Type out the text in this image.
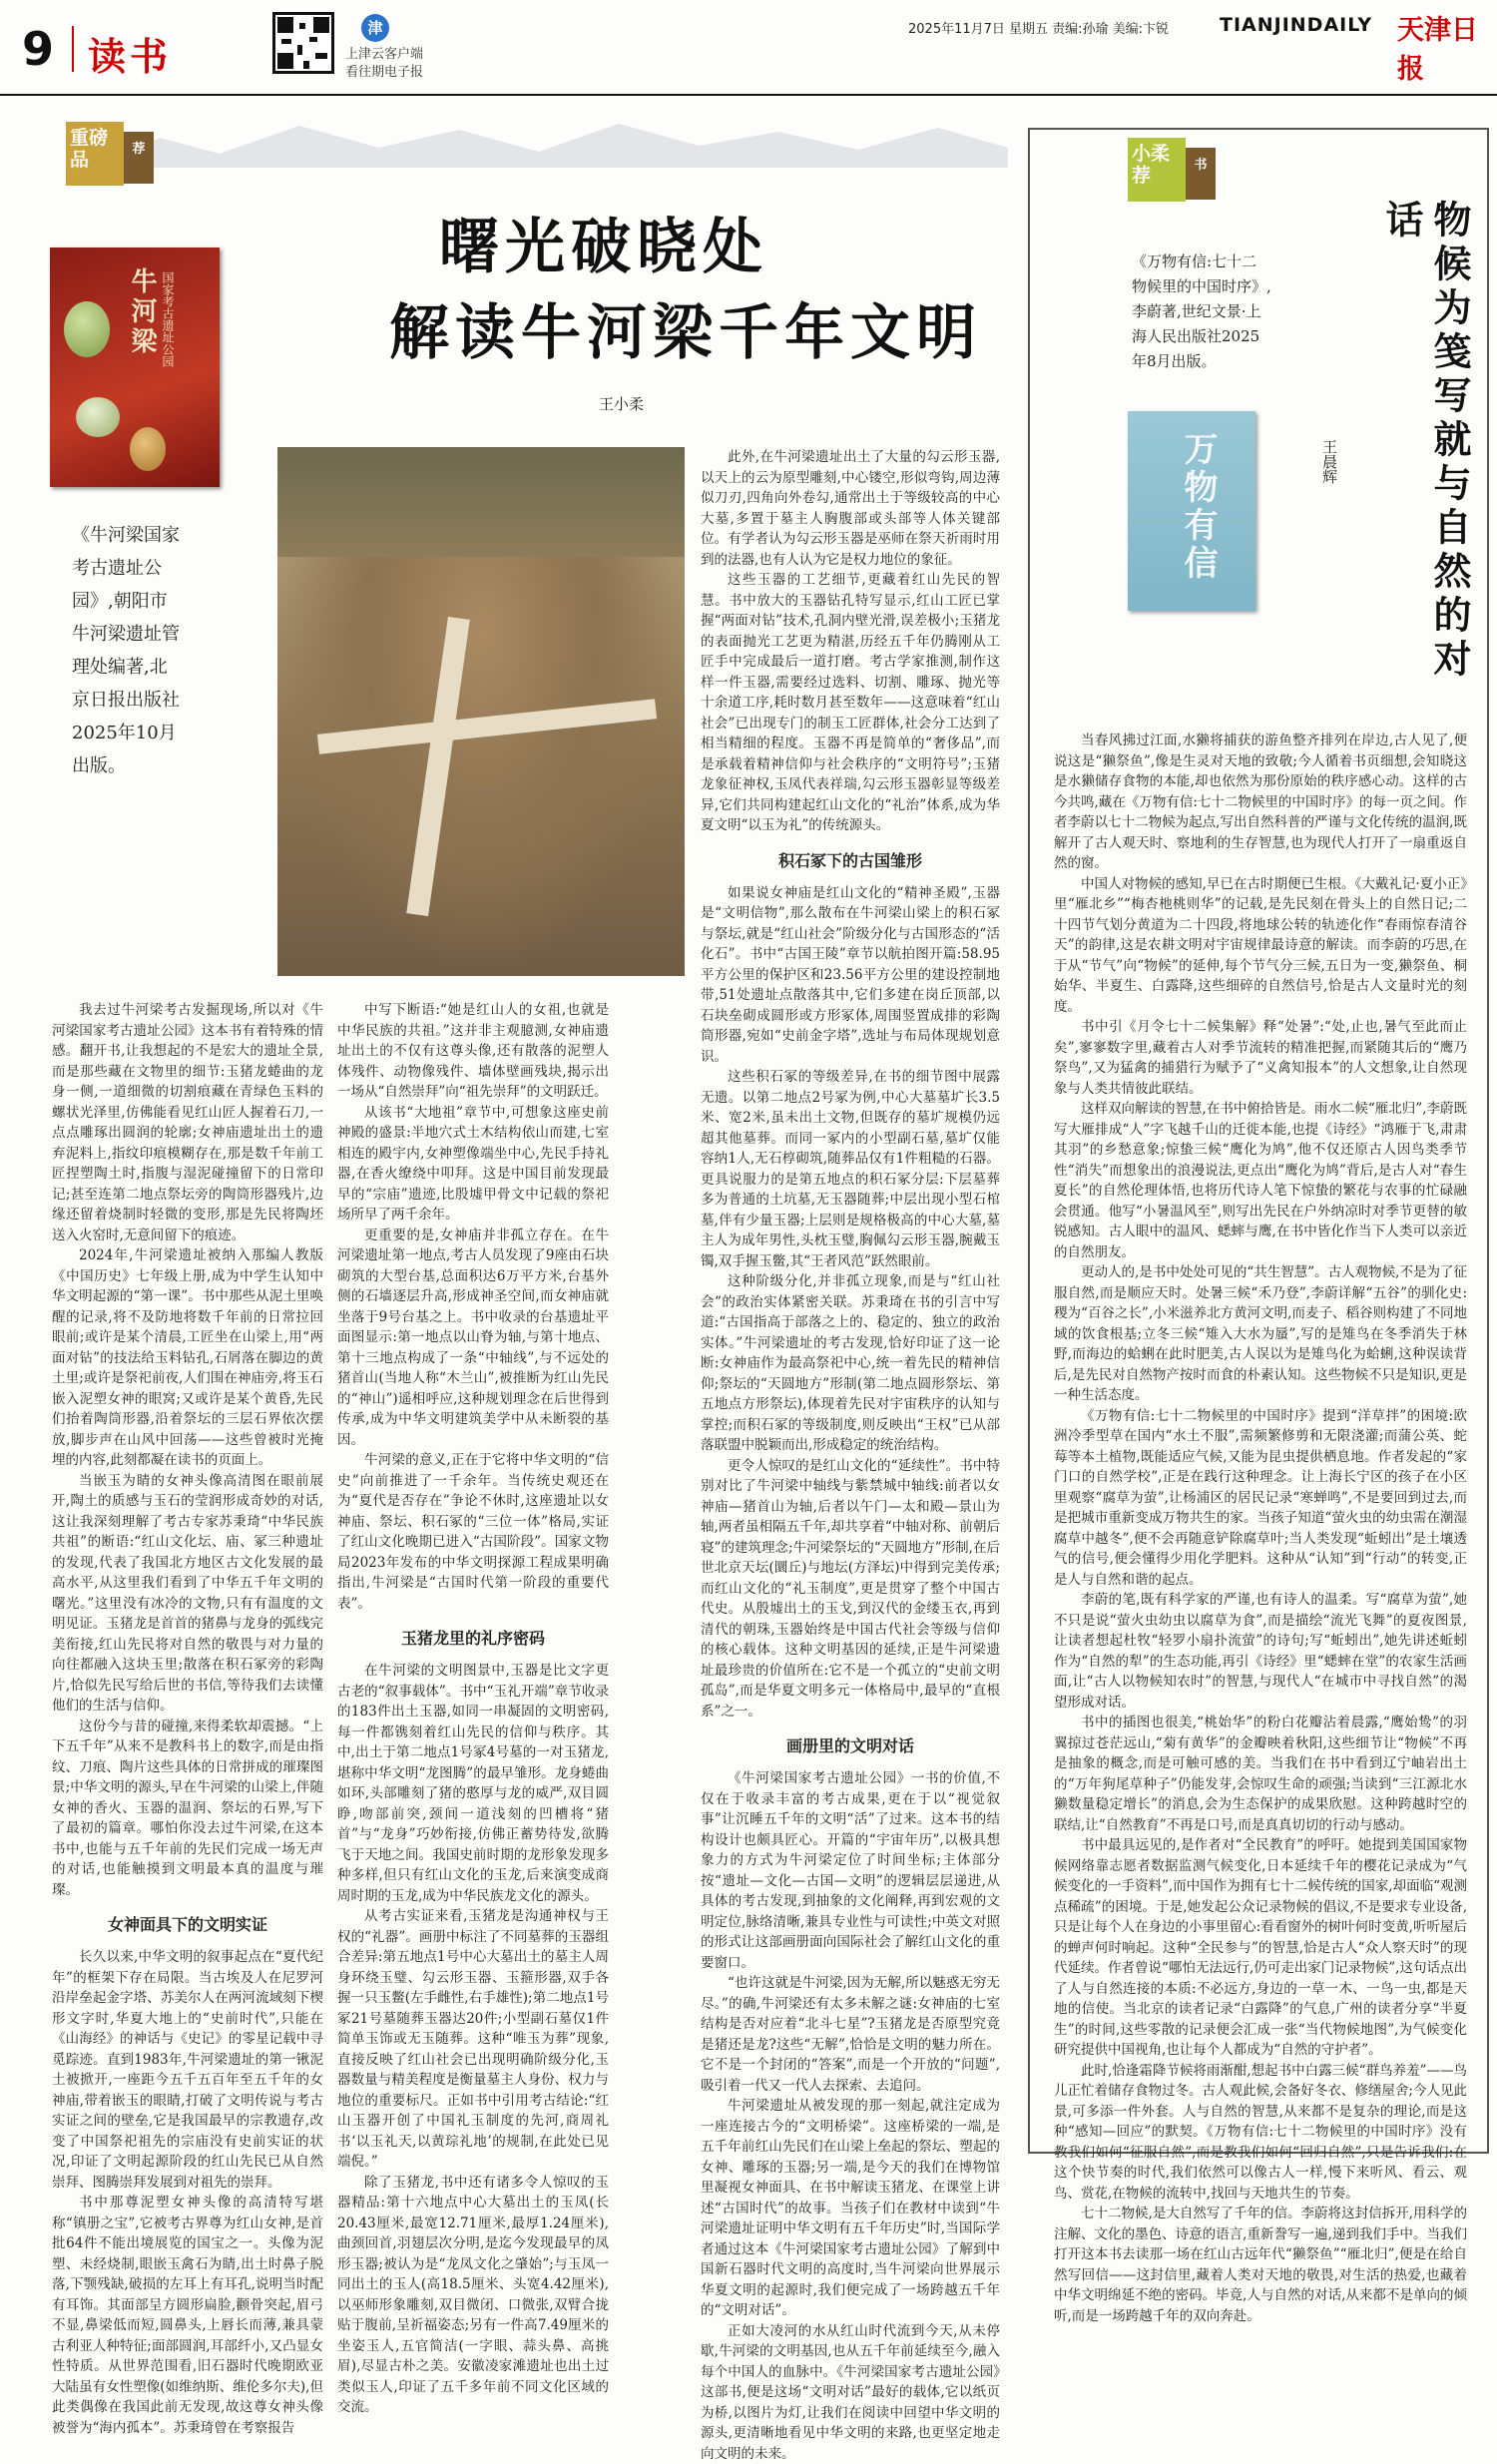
9 读书
津
上津云客户端
看往期电子报
2025年11月7日 星期五 责编:孙瑜 美编:卞锐	TIANJINDAILY 天津日报
重磅品	荐
曙光破晓处
解读牛河梁千年文明
王小柔
牛河梁 国家考古遗址公园
《牛河梁国家考古遗址公园》,朝阳市牛河梁遗址管理处编著,北京日报出版社2025年10月出版。

我去过牛河梁考古发掘现场,所以对《牛河梁国家考古遗址公园》这本书有着特殊的情感。翻开书,让我想起的不是宏大的遗址全景,而是那些藏在文物里的细节:玉猪龙蜷曲的龙身一侧,一道细微的切割痕藏在青绿色玉料的螺状光泽里,仿佛能看见红山匠人握着石刀,一点点雕琢出圆润的轮廓;女神庙遗址出土的遗弃泥料上,指纹印痕模糊存在,那是数千年前工匠捏塑陶土时,指腹与湿泥碰撞留下的日常印记;甚至连第二地点祭坛旁的陶筒形器残片,边缘还留着烧制时轻微的变形,那是先民将陶坯送入火窑时,无意间留下的痕迹。

2024年,牛河梁遗址被纳入那编人教版《中国历史》七年级上册,成为中学生认知中华文明起源的“第一课”。书中那些从泥土里唤醒的记录,将不及防地将数千年前的日常拉回眼前;或许是某个清晨,工匠坐在山梁上,用“两面对钻”的技法给玉料钻孔,石屑落在脚边的黄土里;或许是祭祀前夜,人们围在神庙旁,将玉石嵌入泥塑女神的眼窝;又或许是某个黄昏,先民们抬着陶筒形器,沿着祭坛的三层石界依次摆放,脚步声在山风中回荡——这些曾被时光掩埋的内容,此刻都凝在读书的页面上。

当嵌玉为睛的女神头像高清图在眼前展开,陶土的质感与玉石的莹润形成奇妙的对话,这让我深刻理解了考古专家苏秉琦“中华民族共祖”的断语:“红山文化坛、庙、冢三种遗址的发现,代表了我国北方地区古文化发展的最高水平,从这里我们看到了中华五千年文明的曙光。”这里没有冰冷的文物,只有有温度的文明见证。玉猪龙是首首的猪鼻与龙身的弧线完美衔接,红山先民将对自然的敬畏与对力量的向往都融入这块玉里;散落在积石冢旁的彩陶片,恰似先民写给后世的书信,等待我们去读懂他们的生活与信仰。

这份今与昔的碰撞,来得柔软却震撼。“上下五千年”从来不是教科书上的数字,而是由指纹、刀痕、陶片这些具体的日常拼成的璀璨图景;中华文明的源头,早在牛河梁的山梁上,伴随女神的香火、玉器的温润、祭坛的石界,写下了最初的篇章。哪怕你没去过牛河梁,在这本书中,也能与五千年前的先民们完成一场无声的对话,也能触摸到文明最本真的温度与璀璨。

女神面具下的文明实证

长久以来,中华文明的叙事起点在“夏代纪年”的框架下存在局限。当古埃及人在尼罗河沿岸垒起金字塔、苏美尔人在两河流域刻下楔形文字时,华夏大地上的“史前时代”,只能在《山海经》的神话与《史记》的零星记载中寻觅踪迹。直到1983年,牛河梁遗址的第一锹泥土被掀开,一座距今五千五百年至五千年的女神庙,带着嵌玉的眼睛,打破了文明传说与考古实证之间的壁垒,它是我国最早的宗教遗存,改变了中国祭祀祖先的宗庙没有史前实证的状况,印证了文明起源阶段的红山先民已从自然崇拜、图腾崇拜发展到对祖先的崇拜。

书中那尊泥塑女神头像的高清特写堪称“镇册之宝”,它被考古界尊为红山女神,是首批64件不能出境展览的国宝之一。头像为泥塑、未经烧制,眼嵌玉禽石为睛,出土时鼻子脱落,下颚残缺,破损的左耳上有耳孔,说明当时配有耳饰。其面部呈方圆形扁脸,颧骨突起,眉弓不显,鼻梁低而短,圆鼻头,上唇长而薄,兼具蒙古利亚人种特征;面部圆润,耳部纤小,又凸显女性特质。从世界范围看,旧石器时代晚期欧亚大陆虽有女性塑像(如维纳斯、维伦多尔夫),但此类偶像在我国此前无发现,故这尊女神头像被誉为“海内孤本”。苏秉琦曾在考察报告

中写下断语:“她是红山人的女祖,也就是中华民族的共祖。”这并非主观臆测,女神庙遗址出土的不仅有这尊头像,还有散落的泥塑人体残件、动物像残件、墙体壁画残块,揭示出一场从“自然崇拜”向“祖先崇拜”的文明跃迁。

从该书“大地祖”章节中,可想象这座史前神殿的盛景:半地穴式土木结构依山而建,七室相连的殿宇内,女神塑像端坐中心,先民手持礼器,在香火缭绕中叩拜。这是中国目前发现最早的“宗庙”遗迹,比殷墟甲骨文中记载的祭祀场所早了两千余年。

更重要的是,女神庙并非孤立存在。在牛河梁遗址第一地点,考古人员发现了9座由石块砌筑的大型台基,总面积达6万平方米,台基外侧的石墙逐层升高,形成神圣空间,而女神庙就坐落于9号台基之上。书中收录的台基遗址平面图显示:第一地点以山脊为轴,与第十地点、第十三地点构成了一条“中轴线”,与不远处的猪首山(当地人称“木兰山”,被推断为红山先民的“神山”)遥相呼应,这种规划理念在后世得到传承,成为中华文明建筑美学中从未断裂的基因。

牛河梁的意义,正在于它将中华文明的“信史”向前推进了一千余年。当传统史观还在为“夏代是否存在”争论不休时,这座遗址以女神庙、祭坛、积石冢的“三位一体”格局,实证了红山文化晚期已进入“古国阶段”。国家文物局2023年发布的中华文明探源工程成果明确指出,牛河梁是“古国时代第一阶段的重要代表”。

玉猪龙里的礼序密码

在牛河梁的文明图景中,玉器是比文字更古老的“叙事载体”。书中“玉礼开端”章节收录的183件出土玉器,如同一串凝固的文明密码,每一件都镌刻着红山先民的信仰与秩序。其中,出土于第二地点1号冢4号墓的一对玉猪龙,堪称中华文明“龙图腾”的最早雏形。龙身蜷曲如环,头部雕刻了猪的憨厚与龙的威严,双目圆睁,吻部前突,颈间一道浅刻的凹槽将“猪首”与“龙身”巧妙衔接,仿佛正蓄势待发,欲腾飞于天地之间。我国史前时期的龙形象发现多种多样,但只有红山文化的玉龙,后来演变成商周时期的玉龙,成为中华民族龙文化的源头。

从考古实证来看,玉猪龙是沟通神权与王权的“礼器”。画册中标注了不同墓葬的玉器组合差异:第五地点1号中心大墓出土的墓主人周身环绕玉璧、勾云形玉器、玉箍形器,双手各握一只玉鳖(左手雌性,右手雄性);第二地点1号冢21号墓随葬玉器达20件;小型副石墓仅1件简单玉饰或无玉随葬。这种“唯玉为葬”现象,直接反映了红山社会已出现明确阶级分化,玉器数量与精美程度是衡量墓主人身份、权力与地位的重要标尺。正如书中引用考古结论:“红山玉器开创了中国礼玉制度的先河,商周礼书‘以玉礼天,以黄琮礼地’的规制,在此处已见端倪。”

除了玉猪龙,书中还有诸多令人惊叹的玉器精品:第十六地点中心大墓出土的玉凤(长20.43厘米,最宽12.71厘米,最厚1.24厘米),曲颈回首,羽翅层次分明,是迄今发现最早的凤形玉器;被认为是“龙凤文化之肇始”;与玉凤一同出土的玉人(高18.5厘米、头宽4.42厘米),以巫师形象雕刻,双目微闭、口微张,双臂合拢贴于腹前,呈祈福姿态;另有一件高7.49厘米的坐姿玉人,五官简洁(一字眼、蒜头鼻、高挑眉),尽显古朴之美。安徽凌家滩遗址也出土过类似玉人,印证了五千多年前不同文化区域的交流。

此外,在牛河梁遗址出土了大量的勾云形玉器,以天上的云为原型雕刻,中心镂空,形似弯钩,周边薄似刀刃,四角向外卷勾,通常出土于等级较高的中心大墓,多置于墓主人胸腹部或头部等人体关键部位。有学者认为勾云形玉器是巫师在祭天祈雨时用到的法器,也有人认为它是权力地位的象征。

这些玉器的工艺细节,更藏着红山先民的智慧。书中放大的玉器钻孔特写显示,红山工匠已掌握“两面对钻”技术,孔洞内壁光滑,误差极小;玉猪龙的表面抛光工艺更为精湛,历经五千年仍腾刚从工匠手中完成最后一道打磨。考古学家推测,制作这样一件玉器,需要经过选料、切割、雕琢、抛光等十余道工序,耗时数月甚至数年——这意味着“红山社会”已出现专门的制玉工匠群体,社会分工达到了相当精细的程度。玉器不再是简单的“奢侈品”,而是承载着精神信仰与社会秩序的“文明符号”;玉猪龙象征神权,玉凤代表祥瑞,勾云形玉器彰显等级差异,它们共同构建起红山文化的“礼治”体系,成为华夏文明“以玉为礼”的传统源头。

积石冢下的古国雏形

如果说女神庙是红山文化的“精神圣殿”,玉器是“文明信物”,那么散布在牛河梁山梁上的积石冢与祭坛,就是“红山社会”阶级分化与古国形态的“活化石”。书中“古国王陵”章节以航拍图开篇:58.95平方公里的保护区和23.56平方公里的建设控制地带,51处遗址点散落其中,它们多建在岗丘顶部,以石块垒砌成圆形或方形冢体,周围竖置成排的彩陶筒形器,宛如“史前金字塔”,选址与布局体现规划意识。

这些积石冢的等级差异,在书的细节图中展露无遗。以第二地点2号冢为例,中心大墓墓圹长3.5米、宽2米,虽未出土文物,但既存的墓圹规模仍远超其他墓葬。而同一冢内的小型副石墓,墓圹仅能容纳1人,无石椁砌筑,随葬品仅有1件粗糙的石器。更具说服力的是第五地点的积石冢分层:下层墓葬多为普通的土坑墓,无玉器随葬;中层出现小型石棺墓,伴有少量玉器;上层则是规格极高的中心大墓,墓主人为成年男性,头枕玉璧,胸佩勾云形玉器,腕戴玉镯,双手握玉鳖,其“王者风范”跃然眼前。

这种阶级分化,并非孤立现象,而是与“红山社会”的政治实体紧密关联。苏秉琦在书的引言中写道:“古国指高于部落之上的、稳定的、独立的政治实体。”牛河梁遗址的考古发现,恰好印证了这一论断:女神庙作为最高祭祀中心,统一着先民的精神信仰;祭坛的“天圆地方”形制(第二地点圆形祭坛、第五地点方形祭坛),体现着先民对宇宙秩序的认知与掌控;而积石冢的等级制度,则反映出“王权”已从部落联盟中脱颖而出,形成稳定的统治结构。

更令人惊叹的是红山文化的“延续性”。书中特别对比了牛河梁中轴线与紫禁城中轴线:前者以女神庙—猪首山为轴,后者以午门—太和殿—景山为轴,两者虽相隔五千年,却共享着“中轴对称、前朝后寝”的建筑理念;牛河梁祭坛的“天圆地方”形制,在后世北京天坛(圜丘)与地坛(方泽坛)中得到完美传承;而红山文化的“礼玉制度”,更是贯穿了整个中国古代史。从殷墟出土的玉戈,到汉代的金缕玉衣,再到清代的朝珠,玉器始终是中国古代社会等级与信仰的核心载体。这种文明基因的延续,正是牛河梁遗址最珍贵的价值所在:它不是一个孤立的“史前文明孤岛”,而是华夏文明多元一体格局中,最早的“直根系”之一。

画册里的文明对话

《牛河梁国家考古遗址公园》一书的价值,不仅在于收录丰富的考古成果,更在于以“视觉叙事”让沉睡五千年的文明“活”了过来。这本书的结构设计也颇具匠心。开篇的“宇宙年历”,以极具想象力的方式为牛河梁定位了时间坐标;主体部分按“遗址—文化—古国—文明”的逻辑层层递进,从具体的考古发现,到抽象的文化阐释,再到宏观的文明定位,脉络清晰,兼具专业性与可读性;中英文对照的形式让这部画册面向国际社会了解红山文化的重要窗口。

“也许这就是牛河梁,因为无解,所以魅惑无穷无尽。”的确,牛河梁还有太多未解之谜:女神庙的七室结构是否对应着“北斗七星”?玉猪龙是否原型究竟是猪还是龙?这些“无解”,恰恰是文明的魅力所在。它不是一个封闭的“答案”,而是一个开放的“问题”,吸引着一代又一代人去探索、去追问。

牛河梁遗址从被发现的那一刻起,就注定成为一座连接古今的“文明桥梁”。这座桥梁的一端,是五千年前红山先民们在山梁上垒起的祭坛、塑起的女神、雕琢的玉器;另一端,是今天的我们在博物馆里凝视女神面具、在书中解读玉猪龙、在课堂上讲述“古国时代”的故事。当孩子们在教材中读到“牛河梁遗址证明中华文明有五千年历史”时,当国际学者通过这本《牛河梁国家考古遗址公园》了解到中国新石器时代文明的高度时,当牛河梁向世界展示华夏文明的起源时,我们便完成了一场跨越五千年的“文明对话”。

正如大凌河的水从红山时代流到今天,从未停歇,牛河梁的文明基因,也从五千年前延续至今,融入每个中国人的血脉中。《牛河梁国家考古遗址公园》这部书,便是这场“文明对话”最好的载体,它以纸页为桥,以图片为灯,让我们在阅读中回望中华文明的源头,更清晰地看见中华文明的来路,也更坚定地走向文明的未来。

小柔荐	书
《万物有信:七十二物候里的中国时序》,李蔚著,世纪文景·上海人民出版社2025年8月出版。
万物有信	物候为笺写就与自然的对话
王晨辉

当春风拂过江面,水獭将捕获的游鱼整齐排列在岸边,古人见了,便说这是“獭祭鱼”,像是生灵对天地的致敬;今人循着书页细想,会知晓这是水獭储存食物的本能,却也依然为那份原始的秩序感心动。这样的古今共鸣,藏在《万物有信:七十二物候里的中国时序》的每一页之间。作者李蔚以七十二物候为起点,写出自然科普的严谨与文化传统的温润,既解开了古人观天时、察地利的生存智慧,也为现代人打开了一扇重返自然的窗。

中国人对物候的感知,早已在古时期便已生根。《大戴礼记·夏小正》里“雁北乡”“梅杏杝桃则华”的记载,是先民刻在骨头上的自然日记;二十四节气划分黄道为二十四段,将地球公转的轨迹化作“春雨惊春清谷天”的韵律,这是农耕文明对宇宙规律最诗意的解读。而李蔚的巧思,在于从“节气”向“物候”的延伸,每个节气分三候,五日为一变,獭祭鱼、桐始华、半夏生、白露降,这些细碎的自然信号,恰是古人文量时光的刻度。

书中引《月令七十二候集解》释“处暑”:“处,止也,暑气至此而止矣”,寥寥数字里,藏着古人对季节流转的精准把握,而紧随其后的“鹰乃祭鸟”,又为猛禽的捕猎行为赋予了“义禽知报本”的人文想象,让自然现象与人类共情彼此联结。

这样双向解读的智慧,在书中俯拾皆是。雨水二候“雁北归”,李蔚既写大雁排成“人”字飞越千山的迁徙本能,也提《诗经》“鸿雁于飞,肃肃其羽”的乡愁意象;惊蛰三候“鹰化为鸠”,他不仅还原古人因鸟类季节性“消失”而想象出的浪漫说法,更点出“鹰化为鸠”背后,是古人对“春生夏长”的自然伦理体悟,也将历代诗人笔下惊蛰的繁花与农事的忙碌融会贯通。他写“小暑温风至”,则写出先民在户外纳凉时对季节更替的敏锐感知。古人眼中的温风、蟋蟀与鹰,在书中皆化作当下人类可以亲近的自然朋友。

更动人的,是书中处处可见的“共生智慧”。古人观物候,不是为了征服自然,而是顺应天时。处暑三候“禾乃登”,李蔚详解“五谷”的驯化史:稷为“百谷之长”,小米滋养北方黄河文明,而麦子、稻谷则构建了不同地域的饮食根基;立冬三候“雉入大水为蜃”,写的是雉鸟在冬季消失于林野,而海边的蛤蜊在此时肥美,古人误以为是雉鸟化为蛤蜊,这种误读背后,是先民对自然物产按时而食的朴素认知。这些物候不只是知识,更是一种生活态度。

《万物有信:七十二物候里的中国时序》提到“洋草拌”的困境:欧洲冷季型草在国内“水土不服”,需频繁修剪和无限浇灌;而蒲公英、蛇莓等本土植物,既能适应气候,又能为昆虫提供栖息地。作者发起的“家门口的自然学校”,正是在践行这种理念。让上海长宁区的孩子在小区里观察“腐草为萤”,让杨浦区的居民记录“寒蝉鸣”,不是要回到过去,而是把城市重新变成万物共生的家。当孩子知道“萤火虫的幼虫需在潮湿腐草中越冬”,便不会再随意铲除腐草叶;当人类发现“蚯蚓出”是土壤透气的信号,便会懂得少用化学肥料。这种从“认知”到“行动”的转变,正是人与自然和谐的起点。

李蔚的笔,既有科学家的严谨,也有诗人的温柔。写“腐草为萤”,她不只是说“萤火虫幼虫以腐草为食”,而是描绘“流光飞舞”的夏夜图景,让读者想起杜牧“轻罗小扇扑流萤”的诗句;写“蚯蚓出”,她先讲述蚯蚓作为“自然的犁”的生态功能,再引《诗经》里“蟋蟀在堂”的农家生活画面,让“古人以物候知农时”的智慧,与现代人“在城市中寻找自然”的渴望形成对话。

书中的插图也很美,“桃始华”的粉白花瓣沾着晨露,“鹰始鸷”的羽翼掠过苍茫远山,“菊有黄华”的金瓣映着秋阳,这些细节让“物候”不再是抽象的概念,而是可触可感的美。当我们在书中看到辽宁岫岩出土的“万年狗尾草种子”仍能发芽,会惊叹生命的顽强;当读到“三江源北水獭数量稳定增长”的消息,会为生态保护的成果欣慰。这种跨越时空的联结,让“自然教育”不再是口号,而是真真切切的行动与感动。

书中最具远见的,是作者对“全民教育”的呼吁。她提到美国国家物候网络靠志愿者数据监测气候变化,日本延续千年的樱花记录成为“气候变化的一手资料”,而中国作为拥有七十二候传统的国家,却面临“观测点稀疏”的困境。于是,她发起公众记录物候的倡议,不是要求专业设备,只是让每个人在身边的小事里留心:看看窗外的树叶何时变黄,听听屋后的蝉声何时响起。这种“全民参与”的智慧,恰是古人“众人察天时”的现代延续。作者曾说“哪怕无法远行,仍可走出家门记录物候”,这句话点出了人与自然连接的本质:不必远方,身边的一草一木、一鸟一虫,都是天地的信使。当北京的读者记录“白露降”的气息,广州的读者分享“半夏生”的时间,这些零散的记录便会汇成一张“当代物候地图”,为气候变化研究提供中国视角,也让每个人都成为“自然的守护者”。

此时,恰逢霜降节候将雨渐酣,想起书中白露三候“群鸟养羞”——鸟儿正忙着储存食物过冬。古人观此候,会备好冬衣、修缮屋舍;今人见此景,可多添一件外套。人与自然的智慧,从来都不是复杂的理论,而是这种“感知—回应”的默契。《万物有信:七十二物候里的中国时序》没有教我们如何“征服自然”,而是教我们如何“回归自然”,只是告诉我们:在这个快节奏的时代,我们依然可以像古人一样,慢下来听风、看云、观鸟、赏花,在物候的流转中,找回与天地共生的节奏。

七十二物候,是大自然写了千年的信。李蔚将这封信拆开,用科学的注解、文化的墨色、诗意的语言,重新誊写一遍,递到我们手中。当我们打开这本书去读那一场在红山古远年代“獭祭鱼”“雁北归”,便是在给自然写回信——这封信里,藏着人类对天地的敬畏,对生活的热爱,也藏着中华文明绵延不绝的密码。毕竟,人与自然的对话,从来都不是单向的倾听,而是一场跨越千年的双向奔赴。
